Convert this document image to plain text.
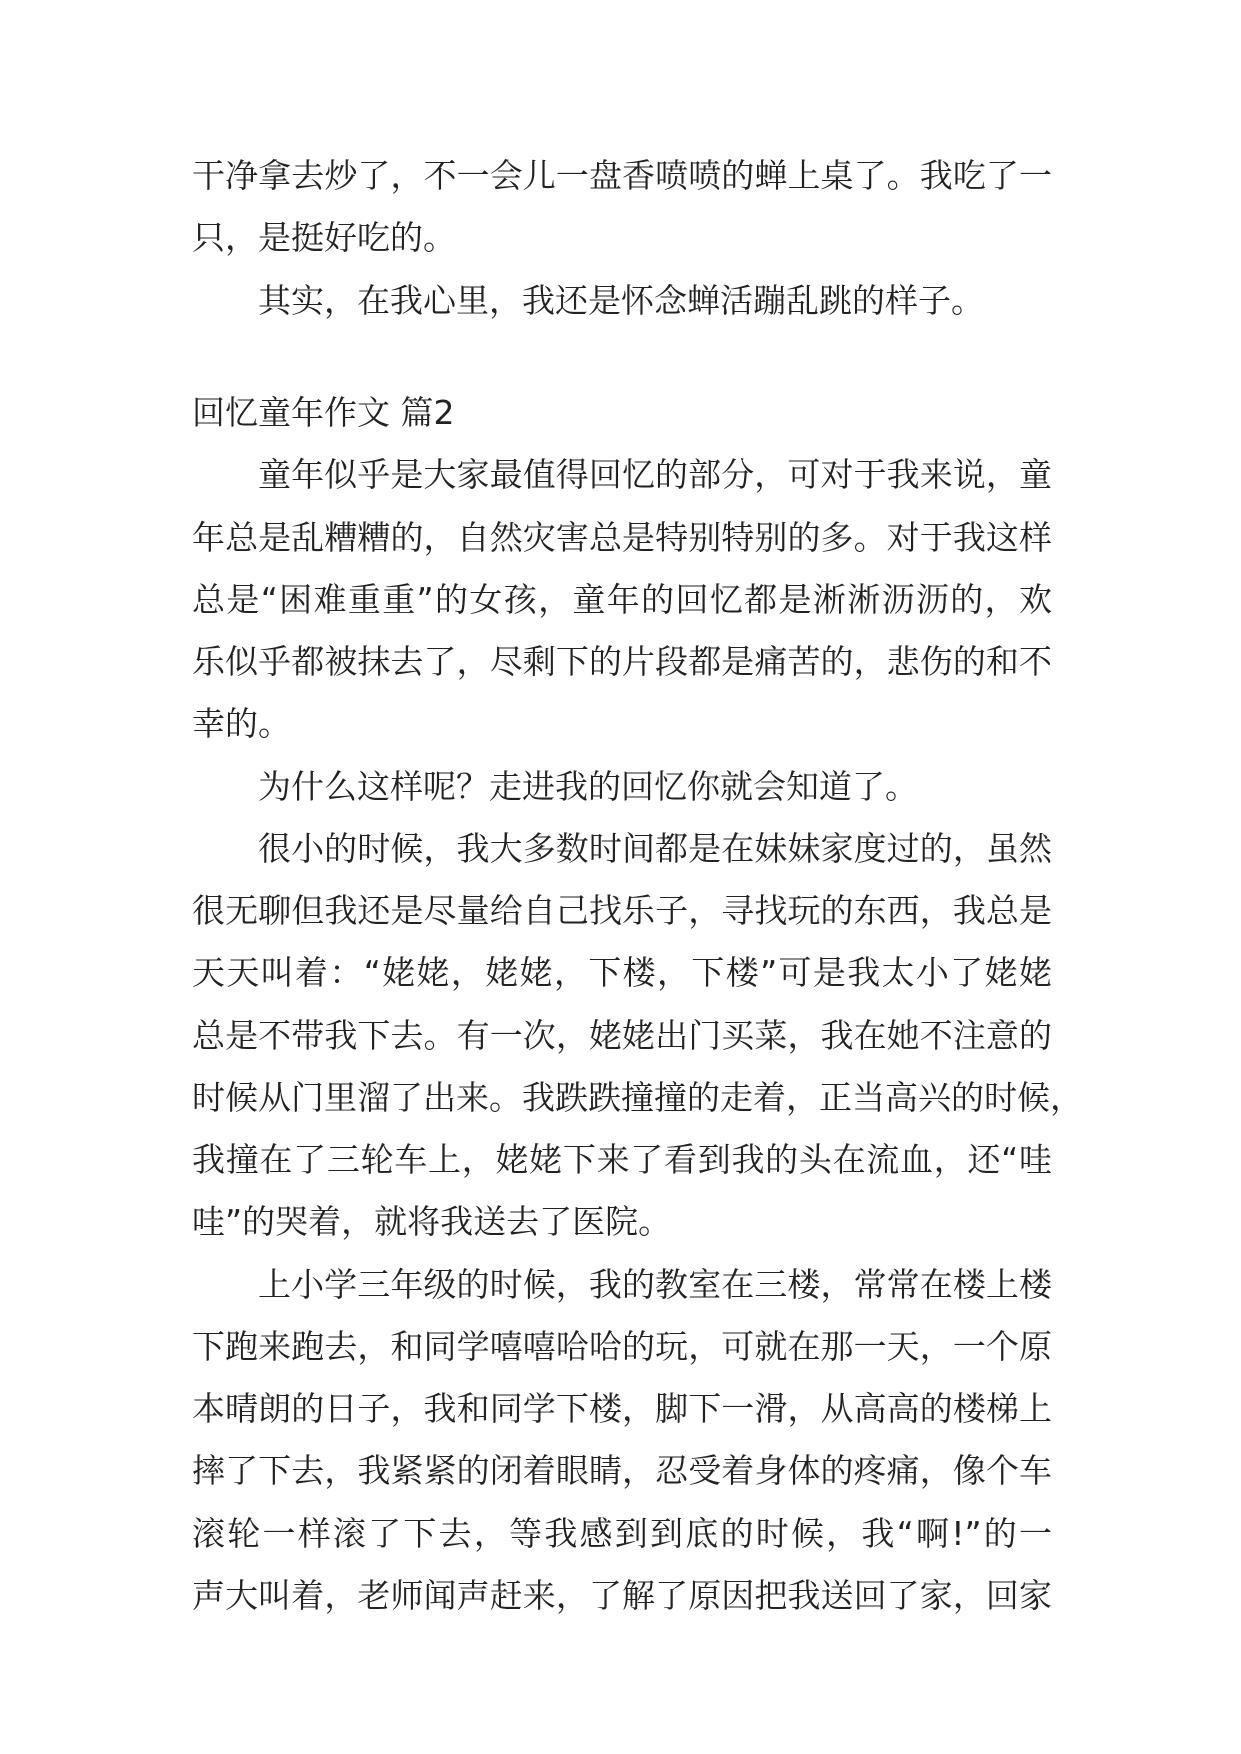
干净拿去炒了，不一会儿一盘香喷喷的蝉上桌了。我吃了一
只，是挺好吃的。
其实，在我心里，我还是怀念蝉活蹦乱跳的样子。
回忆童年作文 篇2
童年似乎是大家最值得回忆的部分，可对于我来说，童
年总是乱糟糟的，自然灾害总是特别特别的多。对于我这样
总是“困难重重”的女孩，童年的回忆都是淅淅沥沥的，欢
乐似乎都被抹去了，尽剩下的片段都是痛苦的，悲伤的和不
幸的。
为什么这样呢？走进我的回忆你就会知道了。
很小的时候，我大多数时间都是在妹妹家度过的，虽然
很无聊但我还是尽量给自己找乐子，寻找玩的东西，我总是
天天叫着：“姥姥，姥姥，下楼，下楼”可是我太小了姥姥
总是不带我下去。有一次，姥姥出门买菜，我在她不注意的
时候从门里溜了出来。我跌跌撞撞的走着，正当高兴的时候，
我撞在了三轮车上，姥姥下来了看到我的头在流血，还“哇
哇”的哭着，就将我送去了医院。
上小学三年级的时候，我的教室在三楼，常常在楼上楼
下跑来跑去，和同学嘻嘻哈哈的玩，可就在那一天，一个原
本晴朗的日子，我和同学下楼，脚下一滑，从高高的楼梯上
摔了下去，我紧紧的闭着眼睛，忍受着身体的疼痛，像个车
滚轮一样滚了下去，等我感到到底的时候，我“啊!”的一
声大叫着，老师闻声赶来，了解了原因把我送回了家，回家
